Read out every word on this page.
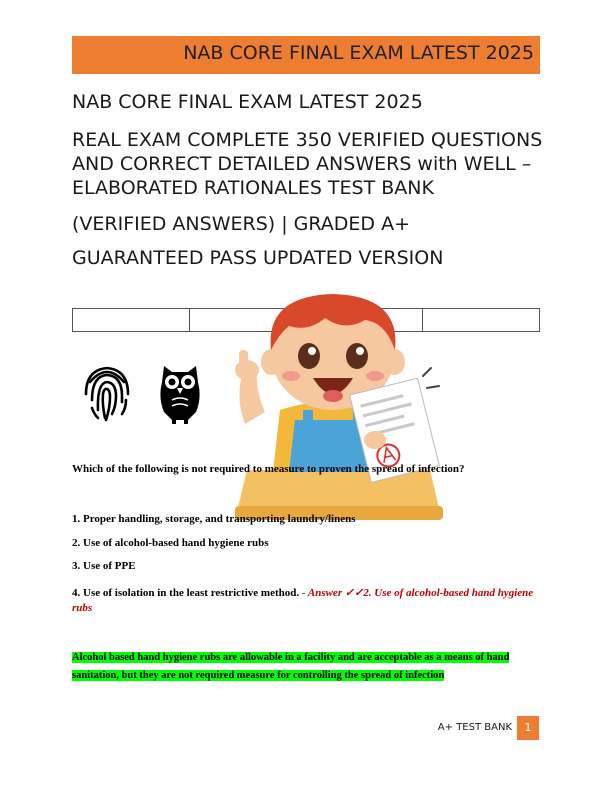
NAB CORE FINAL EXAM LATEST 2025
NAB CORE FINAL EXAM LATEST 2025
REAL EXAM COMPLETE 350 VERIFIED QUESTIONS
AND CORRECT DETAILED ANSWERS with WELL –
ELABORATED RATIONALES TEST BANK
(VERIFIED ANSWERS) | GRADED A+
GUARANTEED PASS UPDATED VERSION

Which of the following is not required to measure to proven the spread of infection?
1. Proper handling, storage, and transporting laundry/linens
2. Use of alcohol-based hand hygiene rubs
3. Use of PPE
4. Use of isolation in the least restrictive method. - Answer ✓✓2. Use of alcohol-based hand hygiene rubs
Alcohol based hand hygiene rubs are allowable in a facility and are acceptable as a means of hand sanitation, but they are not required measure for controlling the spread of infection
A+ TEST BANK	1
